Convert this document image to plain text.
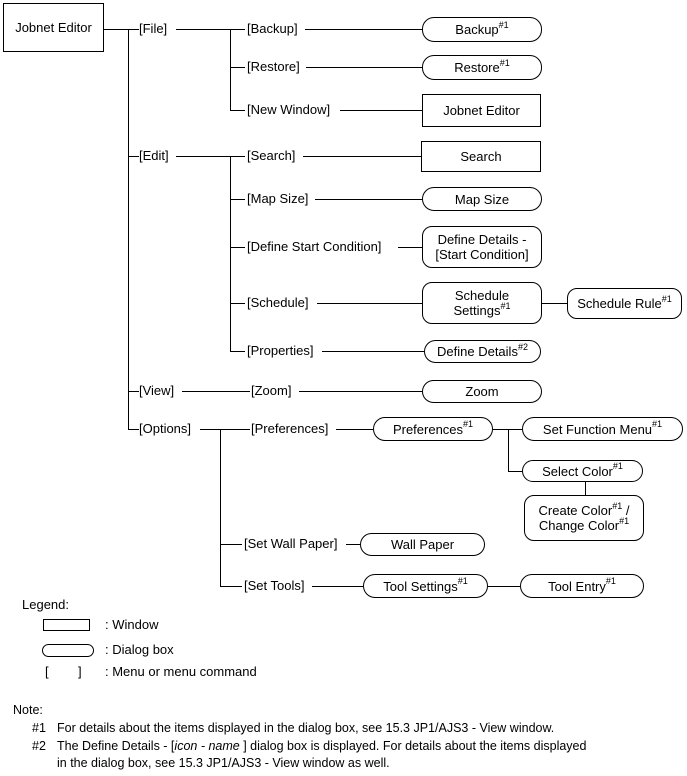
[File]	[Backup]
[Restore]
[New Window]
[Edit]	[Search]
[Map Size]
[Define Start Condition]
[Schedule]
[Properties]
[View]	[Zoom]
[Options]	[Preferences]
[Set Wall Paper]
[Set Tools]
Jobnet Editor	Backup$^{\#1}$
Restore$^{\#1}$
Jobnet Editor
Search
Map Size
Define Details -
[Start Condition]
Schedule
Settings$^{\#1}$	Schedule Rule$^{\#1}$
Define Details$^{\#2}$
Zoom
Preferences$^{\#1}$	Set Function Menu$^{\#1}$
Select Color$^{\#1}$
Create Color$^{\#1}$ /
Change Color$^{\#1}$
Wall Paper
Tool Settings$^{\#1}$	Tool Entry$^{\#1}$
Legend:
: Window
: Dialog box
[ ] : Menu or menu command
Note:
#1 For details about the items displayed in the dialog box, see 15.3 JP1/AJS3 - View window.
#2 The Define Details - [icon - name ] dialog box is displayed. For details about the items displayed
in the dialog box, see 15.3 JP1/AJS3 - View window as well.
